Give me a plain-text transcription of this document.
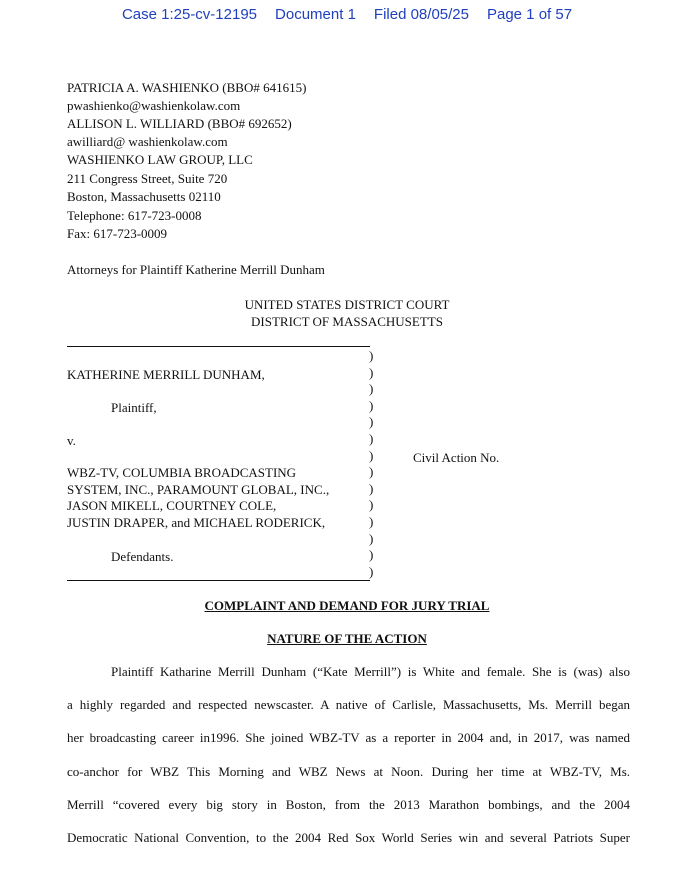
Case 1:25-cv-12195 Document 1 Filed 08/05/25 Page 1 of 57
PATRICIA A. WASHIENKO (BBO# 641615)
pwashienko@washienkolaw.com
ALLISON L. WILLIARD (BBO# 692652)
awilliard@ washienkolaw.com
WASHIENKO LAW GROUP, LLC
211 Congress Street, Suite 720
Boston, Massachusetts 02110
Telephone: 617-723-0008
Fax: 617-723-0009
Attorneys for Plaintiff Katherine Merrill Dunham
UNITED STATES DISTRICT COURT
DISTRICT OF MASSACHUSETTS
KATHERINE MERRILL DUNHAM,
Plaintiff,
v.
WBZ-TV, COLUMBIA BROADCASTING
SYSTEM, INC., PARAMOUNT GLOBAL, INC.,
JASON MIKELL, COURTNEY COLE,
JUSTIN DRAPER, and MICHAEL RODERICK,
Defendants.
Civil Action No.
)
)
)
)
)
)
)
)
)
)
)
)
)
)
COMPLAINT AND DEMAND FOR JURY TRIAL
NATURE OF THE ACTION
Plaintiff Katharine Merrill Dunham (“Kate Merrill”) is White and female. She is (was) also
a highly regarded and respected newscaster. A native of Carlisle, Massachusetts, Ms. Merrill began
her broadcasting career in1996. She joined WBZ-TV as a reporter in 2004 and, in 2017, was named
co-anchor for WBZ This Morning and WBZ News at Noon. During her time at WBZ-TV, Ms.
Merrill “covered every big story in Boston, from the 2013 Marathon bombings, and the 2004
Democratic National Convention, to the 2004 Red Sox World Series win and several Patriots Super
